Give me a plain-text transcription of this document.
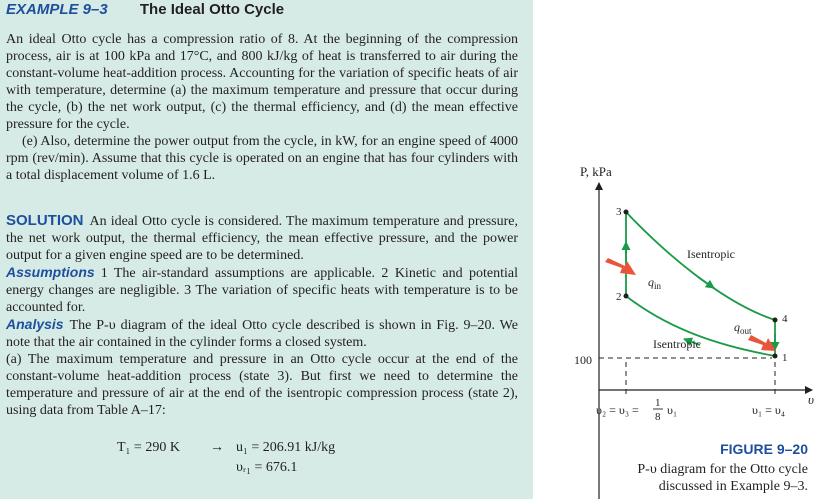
EXAMPLE 9–3 The Ideal Otto Cycle

An ideal Otto cycle has a compression ratio of 8. At the beginning of the compression process, air is at 100 kPa and 17°C, and 800 kJ/kg of heat is transferred to air during the constant-volume heat-addition process. Accounting for the variation of specific heats of air with temperature, determine (a) the maximum temperature and pressure that occur during the cycle, (b) the net work output, (c) the thermal efficiency, and (d) the mean effective pressure for the cycle.

(e) Also, determine the power output from the cycle, in kW, for an engine speed of 4000 rpm (rev/min). Assume that this cycle is operated on an engine that has four cylinders with a total displacement volume of 1.6 L.

SOLUTION An ideal Otto cycle is considered. The maximum temperature and pressure, the net work output, the thermal efficiency, the mean effective pressure, and the power output for a given engine speed are to be determined.

Assumptions 1 The air-standard assumptions are applicable. 2 Kinetic and potential energy changes are negligible. 3 The variation of specific heats with temperature is to be accounted for.

Analysis The P-υ diagram of the ideal Otto cycle described is shown in Fig. 9–20. We note that the air contained in the cylinder forms a closed system.

(a) The maximum temperature and pressure in an Otto cycle occur at the end of the constant-volume heat-addition process (state 3). But first we need to determine the temperature and pressure of air at the end of the isentropic compression process (state 2), using data from Table A–17:

T₁ = 290 K → u₁ = 206.91 kJ/kg
υᵣ₁ = 676.1
P, kPa
υ
100
3
2
4
1
Isentropic
Isentropic
$q_{in}$
$q_{out}$
υ₂ = υ₃ = 1
8 υ₁	υ₁ = υ₄
FIGURE 9–20
P-υ diagram for the Otto cycle discussed in Example 9–3.
